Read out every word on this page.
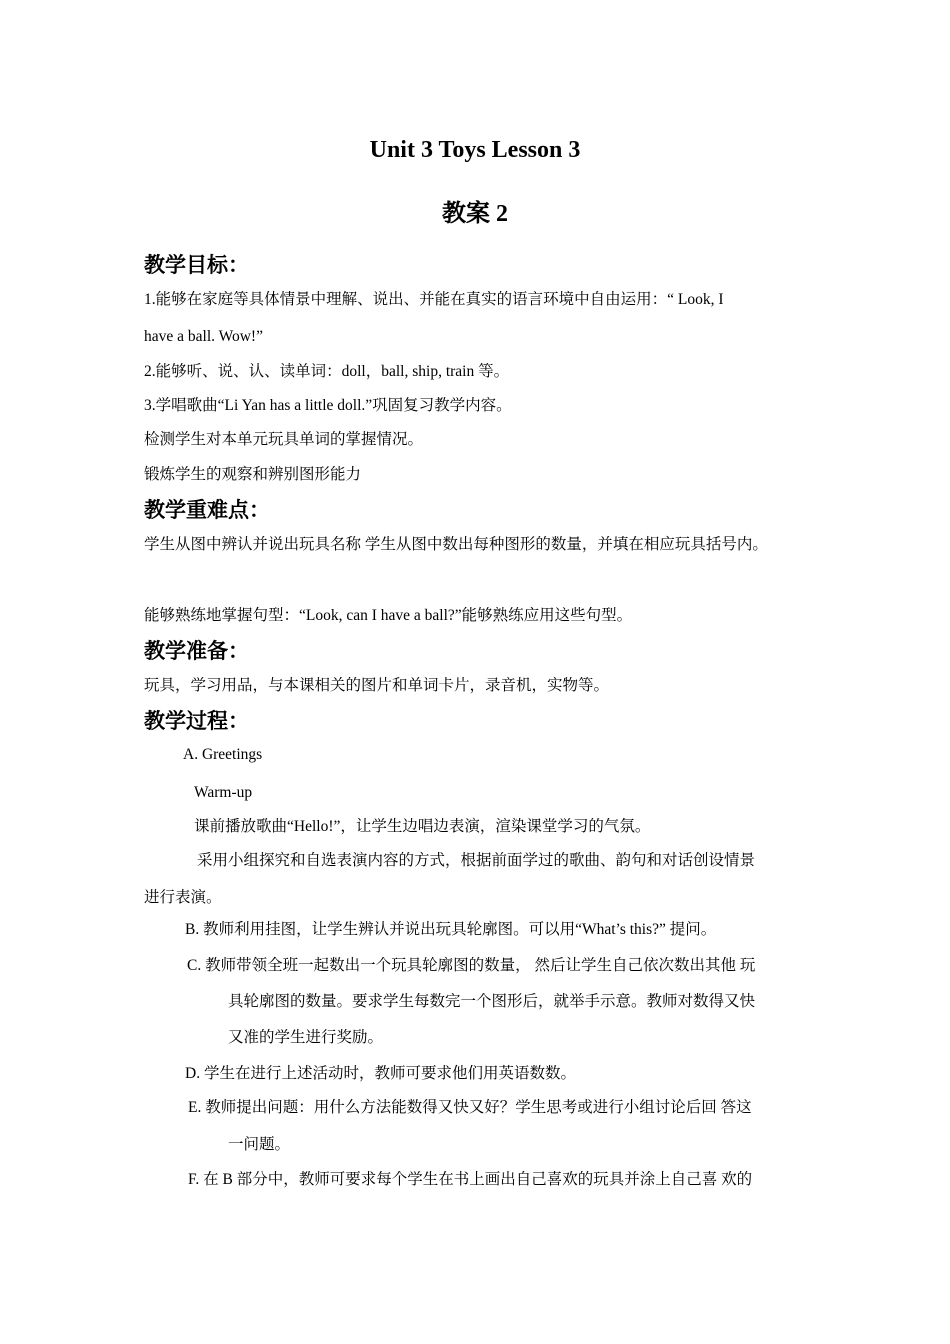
Unit 3 Toys Lesson 3
教案 2
教学目标：
1.能够在家庭等具体情景中理解、说出、并能在真实的语言环境中自由运用：“ Look, I
have a ball. Wow!”
2.能够听、说、认、读单词：doll，ball, ship, train 等。
3.学唱歌曲“Li Yan has a little doll.”巩固复习教学内容。
检测学生对本单元玩具单词的掌握情况。
锻炼学生的观察和辨别图形能力
教学重难点：
学生从图中辨认并说出玩具名称 学生从图中数出每种图形的数量，并填在相应玩具括号内。
能够熟练地掌握句型：“Look, can I have a ball?”能够熟练应用这些句型。
教学准备：
玩具，学习用品，与本课相关的图片和单词卡片，录音机，实物等。
教学过程：
A. Greetings
Warm-up
课前播放歌曲“Hello!”，让学生边唱边表演，渲染课堂学习的气氛。
采用小组探究和自选表演内容的方式，根据前面学过的歌曲、韵句和对话创设情景
进行表演。
B. 教师利用挂图，让学生辨认并说出玩具轮廓图。可以用“What’s this?” 提问。
C. 教师带领全班一起数出一个玩具轮廓图的数量， 然后让学生自己依次数出其他 玩
具轮廓图的数量。要求学生每数完一个图形后，就举手示意。教师对数得又快
又准的学生进行奖励。
D. 学生在进行上述活动时，教师可要求他们用英语数数。
E. 教师提出问题：用什么方法能数得又快又好？学生思考或进行小组讨论后回 答这
一问题。
F. 在 B 部分中，教师可要求每个学生在书上画出自己喜欢的玩具并涂上自己喜 欢的
